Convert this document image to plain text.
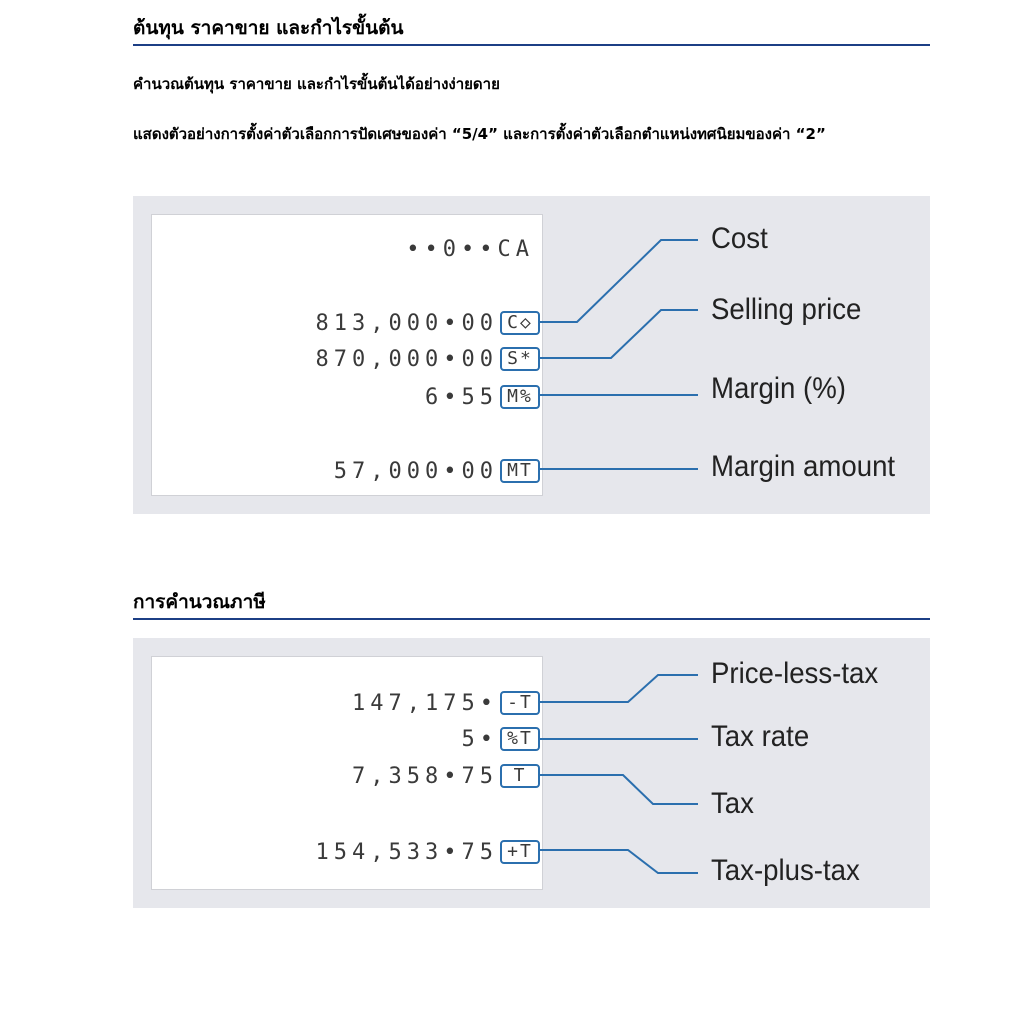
ต้นทุน ราคาขาย และกำไรขั้นต้น
คำนวณต้นทุน ราคาขาย และกำไรขั้นต้นได้อย่างง่ายดาย
แสดงตัวอย่างการตั้งค่าตัวเลือกการปัดเศษของค่า “5/4” และการตั้งค่าตัวเลือกตำแหน่งทศนิยมของค่า “2”
••0••CA
813,000•00 C◇
870,000•00 S*
6•55 M%
57,000•00 MT
Cost
Selling price
Margin (%)
Margin amount
การคำนวณภาษี
147,175• -T
5• %T
7,358•75 T
154,533•75 +T
Price-less-tax
Tax rate
Tax
Tax-plus-tax
